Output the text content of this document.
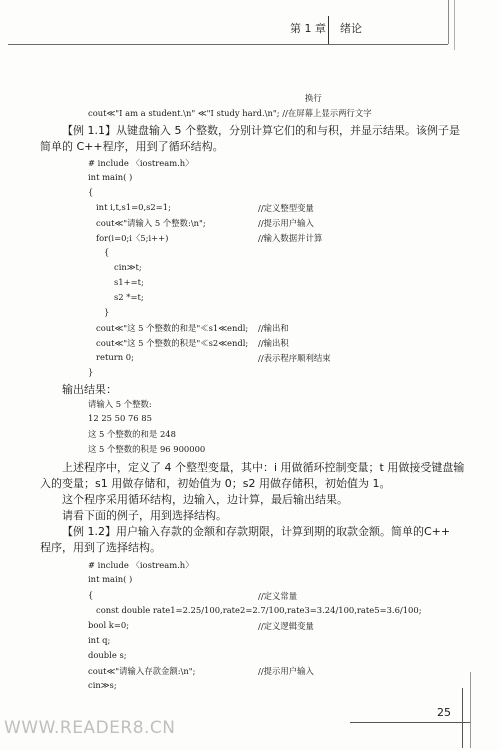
第 1 章 绪论
换行
cout≪"I am a student.\n" ≪"I study hard.\n"; //在屏幕上显示两行文字
【例 1.1】从键盘输入 5 个整数，分别计算它们的和与积，并显示结果。该例子是
简单的 C++程序，用到了循环结构。
# include 〈iostream.h〉
int main( )
{
int i,t,s1=0,s2=1;	//定义整型变量
cout≪"请输入 5 个整数:\n";	//提示用户输入
for(i=0;i〈5;i++)	//输入数据并计算
{
cin≫t;
s1+=t;
s2 *=t;
}
cout≪"这 5 个整数的和是"≪s1≪endl; //输出和
cout≪"这 5 个整数的积是"≪s2≪endl; //输出积
return 0;	//表示程序顺利结束
}
输出结果：
请输入 5 个整数:
12 25 50 76 85
这 5 个整数的和是 248
这 5 个整数的积是 96 900000
上述程序中，定义了 4 个整型变量，其中：i 用做循环控制变量；t 用做接受键盘输
入的变量；s1 用做存储和，初始值为 0；s2 用做存储积，初始值为 1。
这个程序采用循环结构，边输入，边计算，最后输出结果。
请看下面的例子，用到选择结构。
【例 1.2】用户输入存款的金额和存款期限，计算到期的取款金额。简单的C++
程序，用到了选择结构。
# include 〈iostream.h〉
int main( )
{	//定义常量
const double rate1=2.25/100,rate2=2.7/100,rate3=3.24/100,rate5=3.6/100;
bool k=0;	//定义逻辑变量
int q;
double s;
cout≪"请输入存款金额:\n";	//提示用户输入
cin≫s;
25
WWW.READER8.CN
